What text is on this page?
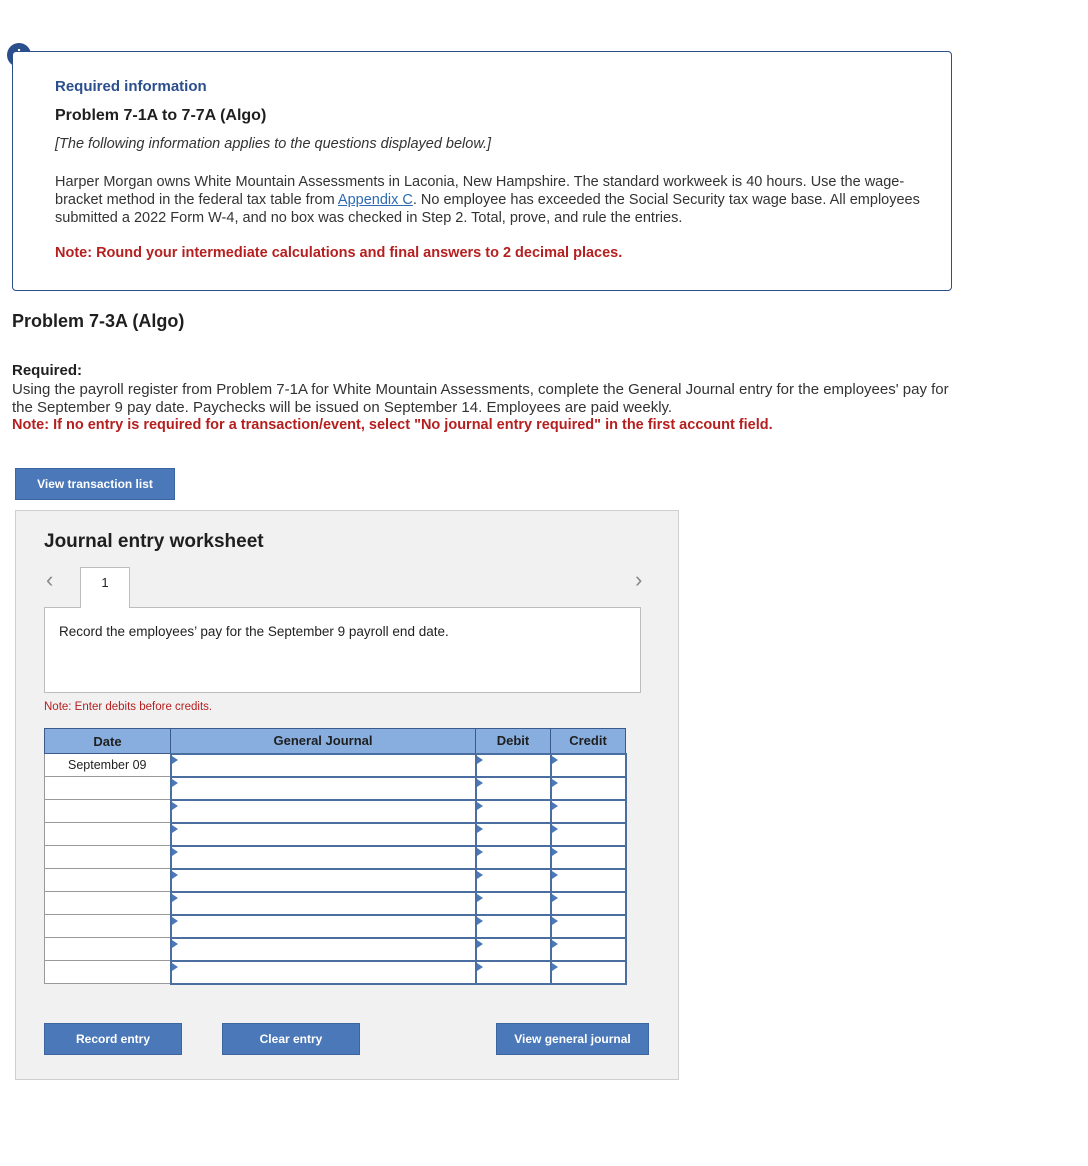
Required information
Problem 7-1A to 7-7A (Algo)
[The following information applies to the questions displayed below.]
Harper Morgan owns White Mountain Assessments in Laconia, New Hampshire. The standard workweek is 40 hours. Use the wage-bracket method in the federal tax table from Appendix C. No employee has exceeded the Social Security tax wage base. All employees submitted a 2022 Form W-4, and no box was checked in Step 2. Total, prove, and rule the entries.
Note: Round your intermediate calculations and final answers to 2 decimal places.
Problem 7-3A (Algo)
Required:
Using the payroll register from Problem 7-1A for White Mountain Assessments, complete the General Journal entry for the employees' pay for the September 9 pay date. Paychecks will be issued on September 14. Employees are paid weekly.
Note: If no entry is required for a transaction/event, select "No journal entry required" in the first account field.
View transaction list
Journal entry worksheet
‹	›
1
Record the employees’ pay for the September 9 payroll end date.
Note: Enter debits before credits.
Date	General Journal	Debit	Credit
September 09			

Record entry	Clear entry	View general journal
